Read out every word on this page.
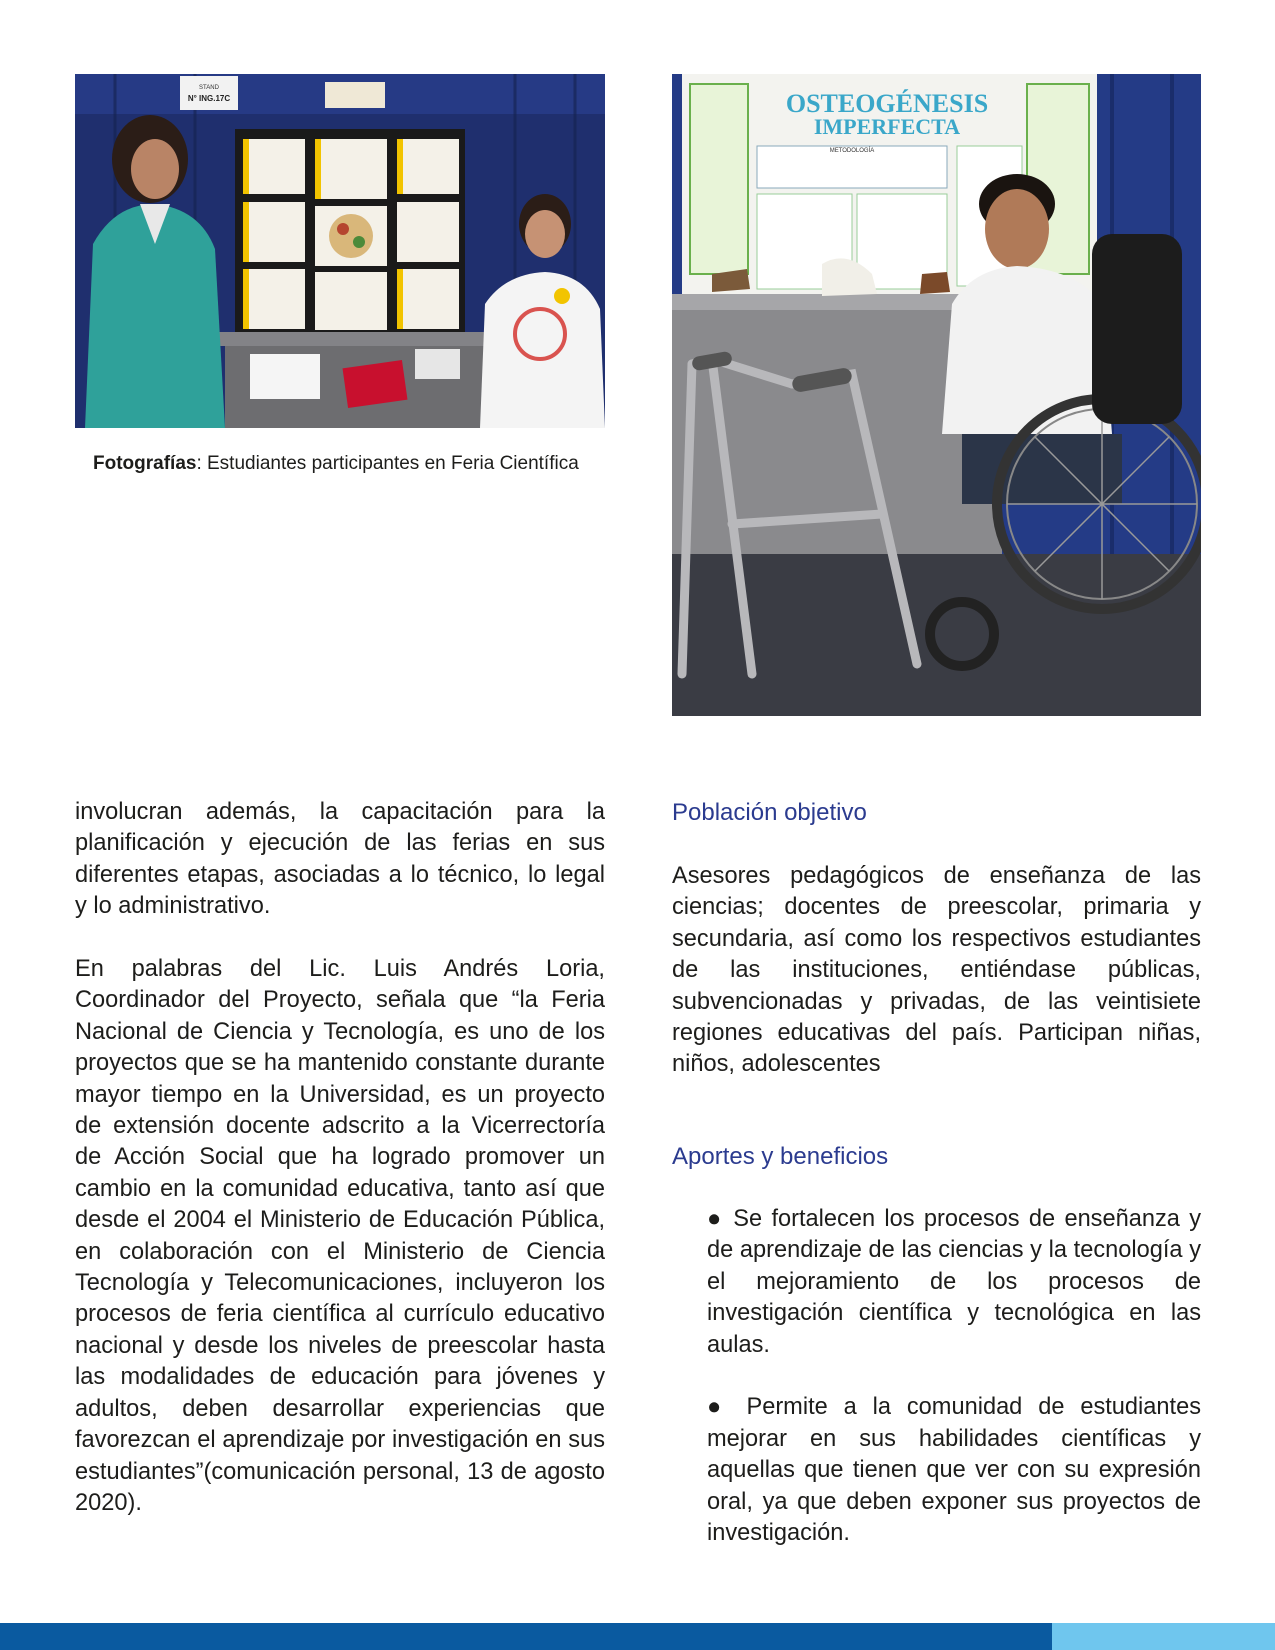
STAND
N° ING.17C	OSTEOGÉNESIS
IMPERFECTA
METODOLOGÍA
Fotografías: Estudiantes participantes en Feria Científica

involucran además, la capacitación para la planificación y ejecución de las ferias en sus diferentes etapas, asociadas a lo técnico, lo legal y lo administrativo.

En palabras del Lic. Luis Andrés Loria, Coordinador del Proyecto, señala que “la Feria Nacional de Ciencia y Tecnología, es uno de los proyectos que se ha mantenido constante durante mayor tiempo en la Universidad, es un proyecto de extensión docente adscrito a la Vicerrectoría de Acción Social que ha logrado promover un cambio en la comunidad educativa, tanto así que desde el 2004 el Ministerio de Educación Pública, en colaboración con el Ministerio de Ciencia Tecnología y Telecomunicaciones, incluyeron los procesos de feria científica al currículo educativo nacional y desde los niveles de preescolar hasta las modalidades de educación para jóvenes y adultos, deben desarrollar experiencias que favorezcan el aprendizaje por investigación en sus estudiantes”(comunicación personal, 13 de agosto 2020).

Población objetivo

Asesores pedagógicos de enseñanza de las ciencias; docentes de preescolar, primaria y secundaria, así como los respectivos estudiantes de las instituciones, entiéndase públicas, subvencionadas y privadas, de las veintisiete regiones educativas del país. Participan niñas, niños, adolescentes

Aportes y beneficios
● Se fortalecen los procesos de enseñanza y de aprendizaje de las ciencias y la tecnología y el mejoramiento de los procesos de investigación científica y tecnológica en las aulas.
● Permite a la comunidad de estudiantes mejorar en sus habilidades científicas y aquellas que tienen que ver con su expresión oral, ya que deben exponer sus proyectos de investigación.
